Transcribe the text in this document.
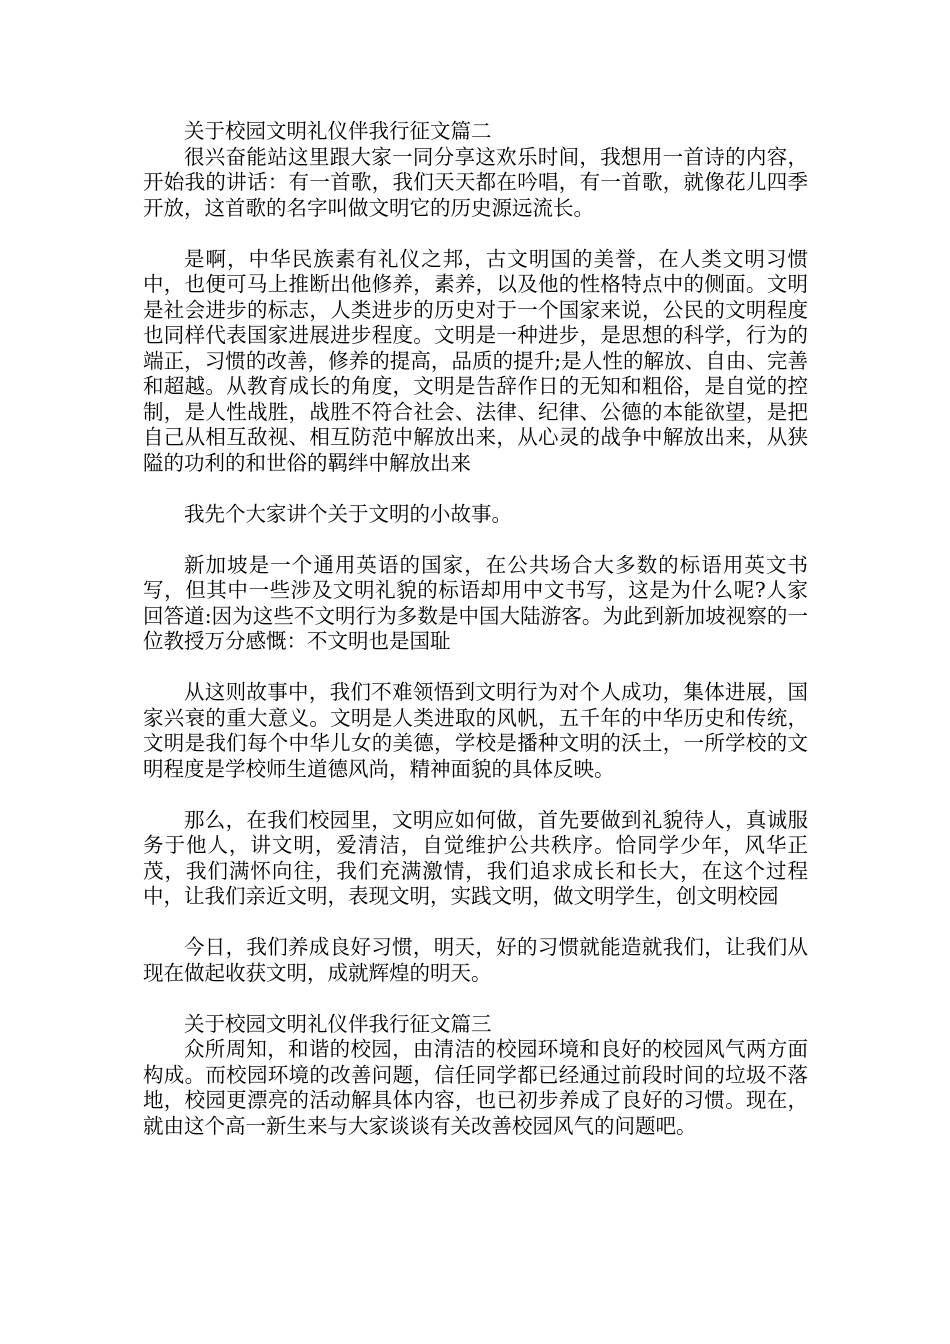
关于校园文明礼仪伴我行征文篇二

很兴奋能站这里跟大家一同分享这欢乐时间，我想用一首诗的内容，开始我的讲话：有一首歌，我们天天都在吟唱，有一首歌，就像花儿四季开放，这首歌的名字叫做文明它的历史源远流长。

是啊，中华民族素有礼仪之邦，古文明国的美誉，在人类文明习惯中，也便可马上推断出他修养，素养，以及他的性格特点中的侧面。文明是社会进步的标志，人类进步的历史对于一个国家来说，公民的文明程度也同样代表国家进展进步程度。文明是一种进步，是思想的科学，行为的端正，习惯的改善，修养的提高，品质的提升;是人性的解放、自由、完善和超越。从教育成长的角度，文明是告辞作日的无知和粗俗，是自觉的控制，是人性战胜，战胜不符合社会、法律、纪律、公德的本能欲望，是把自己从相互敌视、相互防范中解放出来，从心灵的战争中解放出来，从狭隘的功利的和世俗的羁绊中解放出来

我先个大家讲个关于文明的小故事。

新加坡是一个通用英语的国家，在公共场合大多数的标语用英文书写，但其中一些涉及文明礼貌的标语却用中文书写，这是为什么呢?人家回答道:因为这些不文明行为多数是中国大陆游客。为此到新加坡视察的一位教授万分感慨：不文明也是国耻

从这则故事中，我们不难领悟到文明行为对个人成功，集体进展，国家兴衰的重大意义。文明是人类进取的风帆，五千年的中华历史和传统，文明是我们每个中华儿女的美德，学校是播种文明的沃土，一所学校的文明程度是学校师生道德风尚，精神面貌的具体反映。

那么，在我们校园里，文明应如何做，首先要做到礼貌待人，真诚服务于他人，讲文明，爱清洁，自觉维护公共秩序。恰同学少年，风华正茂，我们满怀向往，我们充满激情，我们追求成长和长大，在这个过程中，让我们亲近文明，表现文明，实践文明，做文明学生，创文明校园

今日，我们养成良好习惯，明天，好的习惯就能造就我们，让我们从现在做起收获文明，成就辉煌的明天。

关于校园文明礼仪伴我行征文篇三

众所周知，和谐的校园，由清洁的校园环境和良好的校园风气两方面构成。而校园环境的改善问题，信任同学都已经通过前段时间的垃圾不落地，校园更漂亮的活动解具体内容，也已初步养成了良好的习惯。现在，就由这个高一新生来与大家谈谈有关改善校园风气的问题吧。
